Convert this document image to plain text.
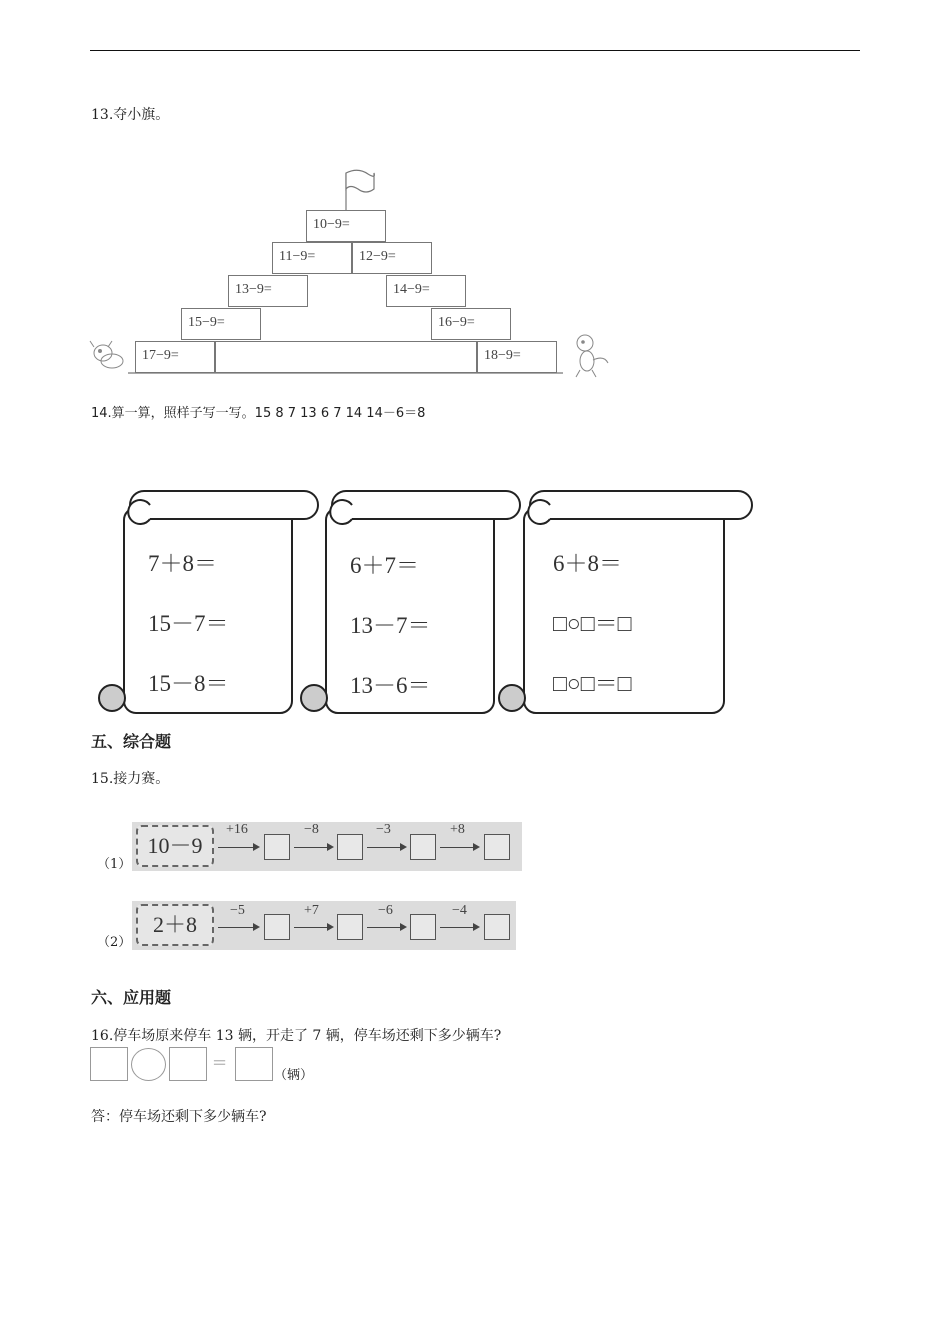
13.夺小旗。
10−9=
11−9=	12−9=
13−9=	14−9=
15−9=	16−9=
17−9=	18−9=
14.算一算，照样子写一写。15 8 7 13 6 7 14 14－6＝8
7＋8＝
15－7＝
15－8＝
6＋7＝
13－7＝
13－6＝
6＋8＝
□○□＝□
□○□＝□
五、综合题
15.接力赛。
（1）
10－9
+16	−8	−3	+8
（2）
2＋8
−5	+7	−6	−4
六、应用题
16.停车场原来停车 13 辆，开走了 7 辆，停车场还剩下多少辆车?
=
（辆）
答：停车场还剩下多少辆车?
